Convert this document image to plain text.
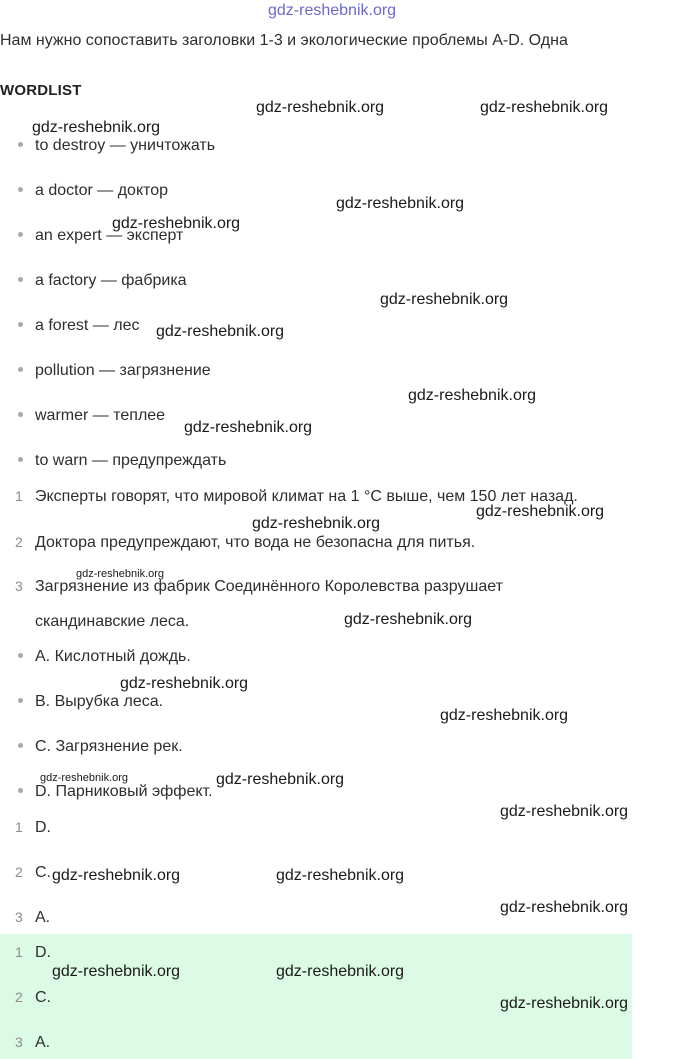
gdz-reshebnik.org
Нам нужно сопоставить заголовки 1-3 и экологические проблемы A-D. Одна
WORDLIST
to destroy — уничтожать
a doctor — доктор
an expert — эксперт
a factory — фабрика
a forest — лес
pollution — загрязнение
warmer — теплее
to warn — предупреждать
1 Эксперты говорят, что мировой климат на 1 °C выше, чем 150 лет назад.
2 Доктора предупреждают, что вода не безопасна для питья.
3 Загрязнение из фабрик Соединённого Королевства разрушает
скандинавские леса.
A. Кислотный дождь.
B. Вырубка леса.
C. Загрязнение рек.
D. Парниковый эффект.
1 D.
2 C.
3 A.
1 D.
2 C.
3 A.
gdz-reshebnik.org	gdz-reshebnik.org
gdz-reshebnik.org
gdz-reshebnik.org
gdz-reshebnik.org
gdz-reshebnik.org
gdz-reshebnik.org
gdz-reshebnik.org
gdz-reshebnik.org
gdz-reshebnik.org
gdz-reshebnik.org
gdz-reshebnik.org
gdz-reshebnik.org
gdz-reshebnik.org
gdz-reshebnik.org
gdz-reshebnik.org	gdz-reshebnik.org
gdz-reshebnik.org
gdz-reshebnik.org	gdz-reshebnik.org
gdz-reshebnik.org
gdz-reshebnik.org	gdz-reshebnik.org
gdz-reshebnik.org
